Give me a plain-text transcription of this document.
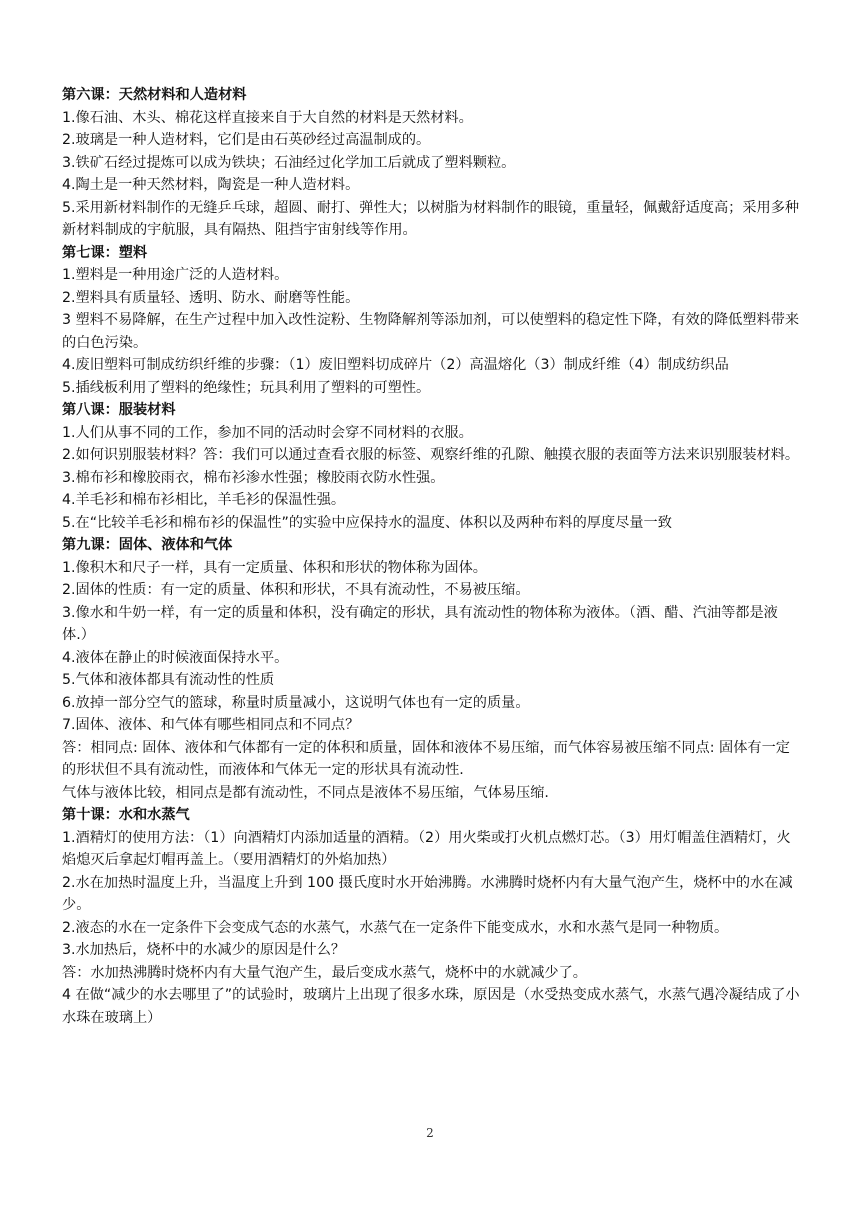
第六课：天然材料和人造材料
1.像石油、木头、棉花这样直接来自于大自然的材料是天然材料。
2.玻璃是一种人造材料，它们是由石英砂经过高温制成的。
3.铁矿石经过提炼可以成为铁块；石油经过化学加工后就成了塑料颗粒。
4.陶土是一种天然材料，陶瓷是一种人造材料。
5.采用新材料制作的无缝乒乓球，超圆、耐打、弹性大；以树脂为材料制作的眼镜，重量轻，佩戴舒适度高；采用多种新材料制成的宇航服，具有隔热、阻挡宇宙射线等作用。
第七课：塑料
1.塑料是一种用途广泛的人造材料。
2.塑料具有质量轻、透明、防水、耐磨等性能。
3 塑料不易降解，在生产过程中加入改性淀粉、生物降解剂等添加剂，可以使塑料的稳定性下降，有效的降低塑料带来的白色污染。
4.废旧塑料可制成纺织纤维的步骤：（1）废旧塑料切成碎片（2）高温熔化（3）制成纤维（4）制成纺织品
5.插线板利用了塑料的绝缘性；玩具利用了塑料的可塑性。
第八课：服装材料
1.人们从事不同的工作，参加不同的活动时会穿不同材料的衣服。
2.如何识别服装材料？答：我们可以通过查看衣服的标签、观察纤维的孔隙、触摸衣服的表面等方法来识别服装材料。
3.棉布衫和橡胶雨衣，棉布衫渗水性强；橡胶雨衣防水性强。
4.羊毛衫和棉布衫相比，羊毛衫的保温性强。
5.在“比较羊毛衫和棉布衫的保温性”的实验中应保持水的温度、体积以及两种布料的厚度尽量一致
第九课：固体、液体和气体
1.像积木和尺子一样，具有一定质量、体积和形状的物体称为固体。
2.固体的性质：有一定的质量、体积和形状，不具有流动性，不易被压缩。
3.像水和牛奶一样，有一定的质量和体积，没有确定的形状，具有流动性的物体称为液体。（酒、醋、汽油等都是液体.）
4.液体在静止的时候液面保持水平。
5.气体和液体都具有流动性的性质
6.放掉一部分空气的篮球，称量时质量减小，这说明气体也有一定的质量。
7.固体、液体、和气体有哪些相同点和不同点？
答：相同点: 固体、液体和气体都有一定的体积和质量，固体和液体不易压缩，而气体容易被压缩不同点: 固体有一定的形状但不具有流动性，而液体和气体无一定的形状具有流动性.
气体与液体比较，相同点是都有流动性，不同点是液体不易压缩，气体易压缩.
第十课：水和水蒸气
1.酒精灯的使用方法：（1）向酒精灯内添加适量的酒精。（2）用火柴或打火机点燃灯芯。（3）用灯帽盖住酒精灯，火焰熄灭后拿起灯帽再盖上。（要用酒精灯的外焰加热）
2.水在加热时温度上升，当温度上升到 100 摄氏度时水开始沸腾。水沸腾时烧杯内有大量气泡产生，烧杯中的水在减少。
2.液态的水在一定条件下会变成气态的水蒸气，水蒸气在一定条件下能变成水，水和水蒸气是同一种物质。
3.水加热后，烧杯中的水减少的原因是什么？
答：水加热沸腾时烧杯内有大量气泡产生，最后变成水蒸气，烧杯中的水就减少了。
4 在做“减少的水去哪里了”的试验时，玻璃片上出现了很多水珠，原因是（水受热变成水蒸气，水蒸气遇冷凝结成了小水珠在玻璃上）
2
